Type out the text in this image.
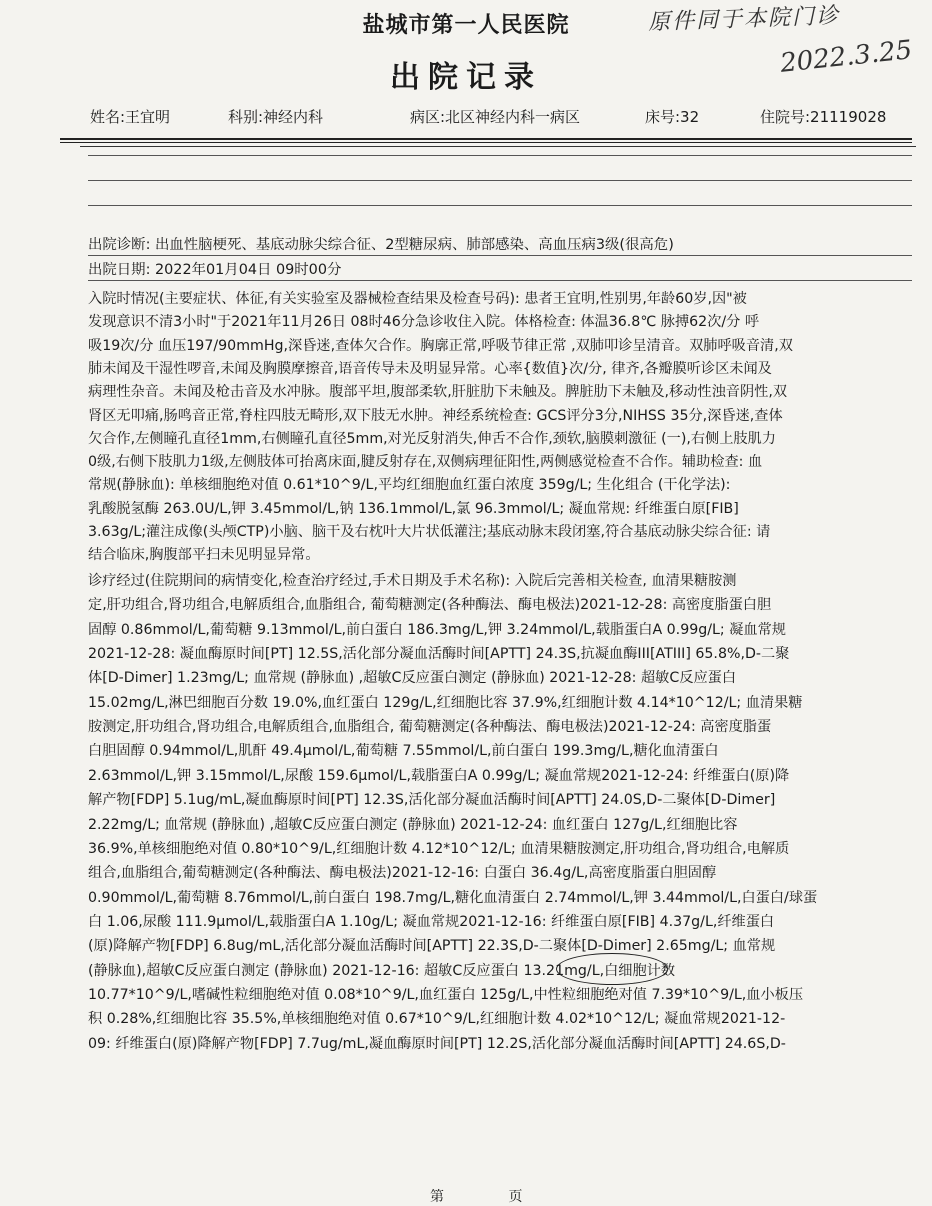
盐城市第一人民医院
出院记录
原件同于本院门诊
2022.3.25
姓名:王宜明	科别:神经内科	病区:北区神经内科一病区	床号:32	住院号:21119028
出院诊断: 出血性脑梗死、基底动脉尖综合征、2型糖尿病、肺部感染、高血压病3级(很高危)
出院日期: 2022年01月04日 09时00分
入院时情况(主要症状、体征,有关实验室及器械检查结果及检查号码): 患者王宜明,性别男,年龄60岁,因"被
发现意识不清3小时"于2021年11月26日 08时46分急诊收住入院。体格检查: 体温36.8℃ 脉搏62次/分 呼
吸19次/分 血压197/90mmHg,深昏迷,查体欠合作。胸廓正常,呼吸节律正常 ,双肺叩诊呈清音。双肺呼吸音清,双
肺未闻及干湿性啰音,未闻及胸膜摩擦音,语音传导未及明显异常。心率{数值}次/分, 律齐,各瓣膜听诊区未闻及
病理性杂音。未闻及枪击音及水冲脉。腹部平坦,腹部柔软,肝脏肋下未触及。脾脏肋下未触及,移动性浊音阴性,双
肾区无叩痛,肠鸣音正常,脊柱四肢无畸形,双下肢无水肿。神经系统检查: GCS评分3分,NIHSS 35分,深昏迷,查体
欠合作,左侧瞳孔直径1mm,右侧瞳孔直径5mm,对光反射消失,伸舌不合作,颈软,脑膜刺激征 (一),右侧上肢肌力
0级,右侧下肢肌力1级,左侧肢体可抬离床面,腱反射存在,双侧病理征阳性,两侧感觉检查不合作。辅助检查: 血
常规(静脉血): 单核细胞绝对值 0.61*10^9/L,平均红细胞血红蛋白浓度 359g/L; 生化组合 (干化学法):
乳酸脱氢酶 263.0U/L,钾 3.45mmol/L,钠 136.1mmol/L,氯 96.3mmol/L; 凝血常规: 纤维蛋白原[FIB]
3.63g/L;灌注成像(头颅CTP)小脑、脑干及右枕叶大片状低灌注;基底动脉末段闭塞,符合基底动脉尖综合征: 请
结合临床,胸腹部平扫未见明显异常。
诊疗经过(住院期间的病情变化,检查治疗经过,手术日期及手术名称): 入院后完善相关检查, 血清果糖胺测
定,肝功组合,肾功组合,电解质组合,血脂组合, 葡萄糖测定(各种酶法、酶电极法)2021-12-28: 高密度脂蛋白胆
固醇 0.86mmol/L,葡萄糖 9.13mmol/L,前白蛋白 186.3mg/L,钾 3.24mmol/L,载脂蛋白A 0.99g/L; 凝血常规
2021-12-28: 凝血酶原时间[PT] 12.5S,活化部分凝血活酶时间[APTT] 24.3S,抗凝血酶III[ATIII] 65.8%,D-二聚
体[D-Dimer] 1.23mg/L; 血常规 (静脉血) ,超敏C反应蛋白测定 (静脉血) 2021-12-28: 超敏C反应蛋白
15.02mg/L,淋巴细胞百分数 19.0%,血红蛋白 129g/L,红细胞比容 37.9%,红细胞计数 4.14*10^12/L; 血清果糖
胺测定,肝功组合,肾功组合,电解质组合,血脂组合, 葡萄糖测定(各种酶法、酶电极法)2021-12-24: 高密度脂蛋
白胆固醇 0.94mmol/L,肌酐 49.4μmol/L,葡萄糖 7.55mmol/L,前白蛋白 199.3mg/L,糖化血清蛋白
2.63mmol/L,钾 3.15mmol/L,尿酸 159.6μmol/L,载脂蛋白A 0.99g/L; 凝血常规2021-12-24: 纤维蛋白(原)降
解产物[FDP] 5.1ug/mL,凝血酶原时间[PT] 12.3S,活化部分凝血活酶时间[APTT] 24.0S,D-二聚体[D-Dimer]
2.22mg/L; 血常规 (静脉血) ,超敏C反应蛋白测定 (静脉血) 2021-12-24: 血红蛋白 127g/L,红细胞比容
36.9%,单核细胞绝对值 0.80*10^9/L,红细胞计数 4.12*10^12/L; 血清果糖胺测定,肝功组合,肾功组合,电解质
组合,血脂组合,葡萄糖测定(各种酶法、酶电极法)2021-12-16: 白蛋白 36.4g/L,高密度脂蛋白胆固醇
0.90mmol/L,葡萄糖 8.76mmol/L,前白蛋白 198.7mg/L,糖化血清蛋白 2.74mmol/L,钾 3.44mmol/L,白蛋白/球蛋
白 1.06,尿酸 111.9μmol/L,载脂蛋白A 1.10g/L; 凝血常规2021-12-16: 纤维蛋白原[FIB] 4.37g/L,纤维蛋白
(原)降解产物[FDP] 6.8ug/mL,活化部分凝血活酶时间[APTT] 22.3S,D-二聚体[D-Dimer] 2.65mg/L; 血常规
(静脉血),超敏C反应蛋白测定 (静脉血) 2021-12-16: 超敏C反应蛋白 13.21mg/L,白细胞计数
10.77*10^9/L,嗜碱性粒细胞绝对值 0.08*10^9/L,血红蛋白 125g/L,中性粒细胞绝对值 7.39*10^9/L,血小板压
积 0.28%,红细胞比容 35.5%,单核细胞绝对值 0.67*10^9/L,红细胞计数 4.02*10^12/L; 凝血常规2021-12-
09: 纤维蛋白(原)降解产物[FDP] 7.7ug/mL,凝血酶原时间[PT] 12.2S,活化部分凝血活酶时间[APTT] 24.6S,D-
第 页
